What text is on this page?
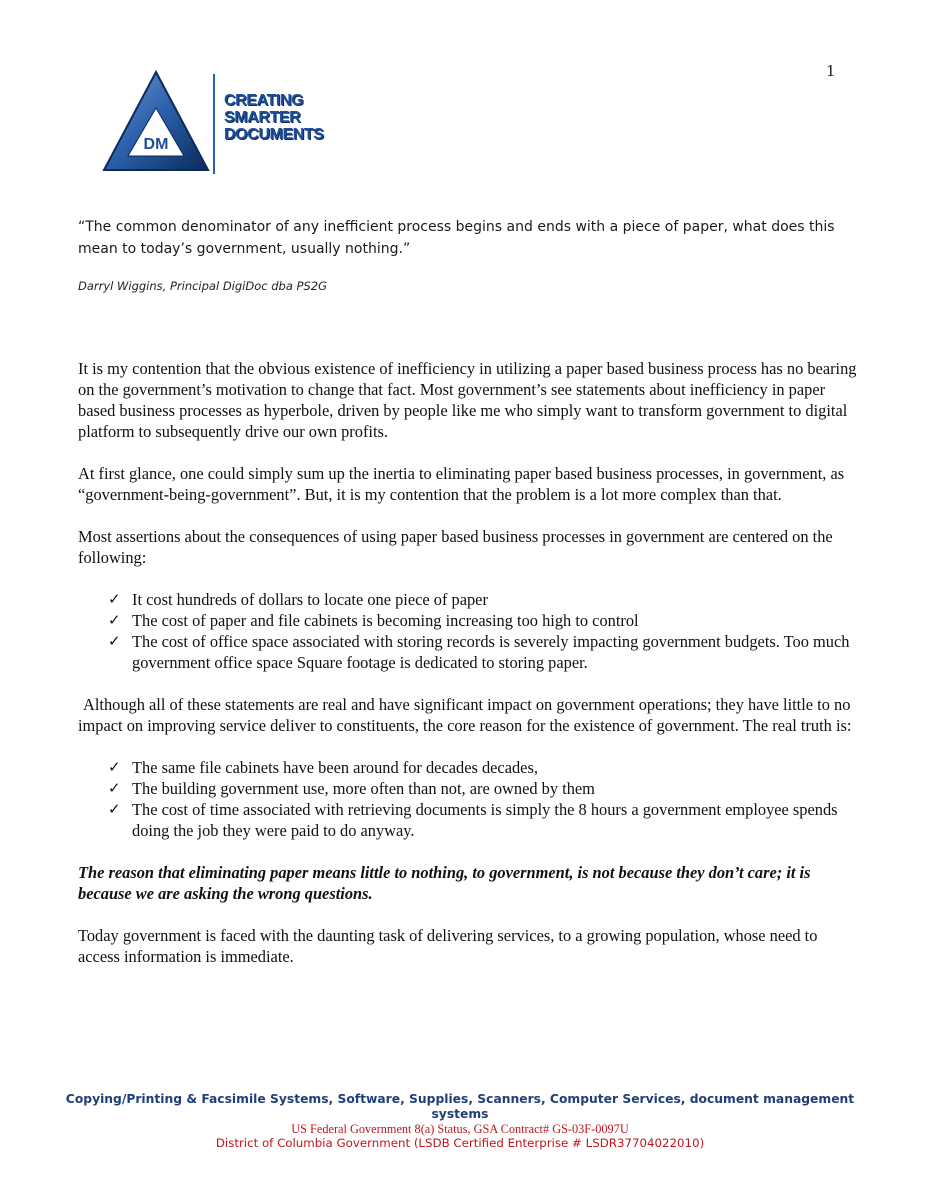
1
DM
CREATING
SMARTER
DOCUMENTS
“The common denominator of any inefficient process begins and ends with a piece of paper, what does this mean to today’s government, usually nothing.”
Darryl Wiggins, Principal DigiDoc dba PS2G

It is my contention that the obvious existence of inefficiency in utilizing a paper based business process has no bearing on the government’s motivation to change that fact. Most government’s see statements about inefficiency in paper based business processes as hyperbole, driven by people like me who simply want to transform government to digital platform to subsequently drive our own profits.

At first glance, one could simply sum up the inertia to eliminating paper based business processes, in government, as “government-being-government”. But, it is my contention that the problem is a lot more complex than that.

Most assertions about the consequences of using paper based business processes in government are centered on the following:

✓ It cost hundreds of dollars to locate one piece of paper
✓ The cost of paper and file cabinets is becoming increasing too high to control
✓ The cost of office space associated with storing records is severely impacting government budgets. Too much government office space Square footage is dedicated to storing paper.

Although all of these statements are real and have significant impact on government operations; they have little to no impact on improving service deliver to constituents, the core reason for the existence of government. The real truth is:

✓ The same file cabinets have been around for decades decades,
✓ The building government use, more often than not, are owned by them
✓ The cost of time associated with retrieving documents is simply the 8 hours a government employee spends doing the job they were paid to do anyway.

The reason that eliminating paper means little to nothing, to government, is not because they don’t care; it is because we are asking the wrong questions.

Today government is faced with the daunting task of delivering services, to a growing population, whose need to access information is immediate.

Copying/Printing & Facsimile Systems, Software, Supplies, Scanners, Computer Services, document management systems
US Federal Government 8(a) Status, GSA Contract# GS-03F-0097U
District of Columbia Government (LSDB Certified Enterprise # LSDR37704022010)
